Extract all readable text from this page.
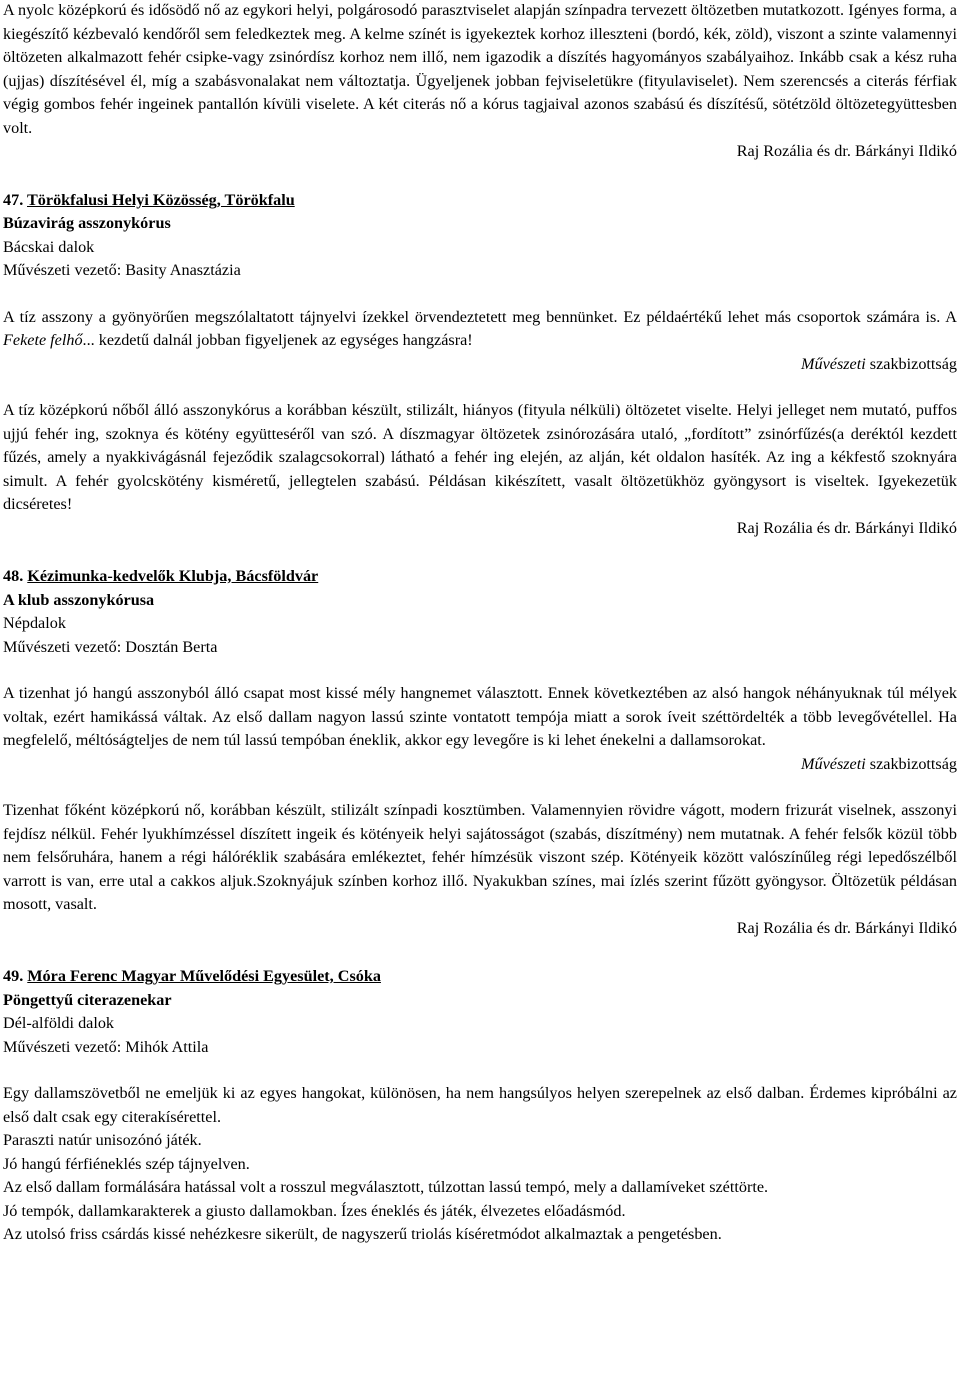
A nyolc középkorú és idősödő nő az egykori helyi, polgárosodó parasztviselet alapján színpadra tervezett öltözetben mutatkozott. Igényes forma, a kiegészítő kézbevaló kendőről sem feledkeztek meg. A kelme színét is igyekeztek korhoz illeszteni (bordó, kék, zöld), viszont a szinte valamennyi öltözeten alkalmazott fehér csipke-vagy zsinórdísz korhoz nem illő, nem igazodik a díszítés hagyományos szabályaihoz. Inkább csak a kész ruha (ujjas) díszítésével él, míg a szabásvonalakat nem változtatja. Ügyeljenek jobban fejviseletükre (fityulaviselet). Nem szerencsés a citerás férfiak végig gombos fehér ingeinek pantallón kívüli viselete. A két citerás nő a kórus tagjaival azonos szabású és díszítésű, sötétzöld öltözetegyüttesben volt.

Raj Rozália és dr. Bárkányi Ildikó

47. Törökfalusi Helyi Közösség, Törökfalu

Búzavirág asszonykórus

Bácskai dalok

Művészeti vezető: Basity Anasztázia

A tíz asszony a gyönyörűen megszólaltatott tájnyelvi ízekkel örvendeztetett meg bennünket. Ez példaértékű lehet más csoportok számára is. A Fekete felhő... kezdetű dalnál jobban figyeljenek az egységes hangzásra!

Művészeti szakbizottság

A tíz középkorú nőből álló asszonykórus a korábban készült, stilizált, hiányos (fityula nélküli) öltözetet viselte. Helyi jelleget nem mutató, puffos ujjú fehér ing, szoknya és kötény együtteséről van szó. A díszmagyar öltözetek zsinórozására utaló, „fordított” zsinórfűzés(a deréktól kezdett fűzés, amely a nyakkivágásnál fejeződik szalagcsokorral) látható a fehér ing elején, az alján, két oldalon hasíték. Az ing a kékfestő szoknyára simult. A fehér gyolcskötény kisméretű, jellegtelen szabású. Példásan kikészített, vasalt öltözetükhöz gyöngysort is viseltek. Igyekezetük dicséretes!

Raj Rozália és dr. Bárkányi Ildikó

48. Kézimunka-kedvelők Klubja, Bácsföldvár

A klub asszonykórusa

Népdalok

Művészeti vezető: Dosztán Berta

A tizenhat jó hangú asszonyból álló csapat most kissé mély hangnemet választott. Ennek következtében az alsó hangok néhányuknak túl mélyek voltak, ezért hamikássá váltak. Az első dallam nagyon lassú szinte vontatott tempója miatt a sorok íveit széttördelték a több levegővétellel. Ha megfelelő, méltóságteljes de nem túl lassú tempóban éneklik, akkor egy levegőre is ki lehet énekelni a dallamsorokat.

Művészeti szakbizottság

Tizenhat főként középkorú nő, korábban készült, stilizált színpadi kosztümben. Valamennyien rövidre vágott, modern frizurát viselnek, asszonyi fejdísz nélkül. Fehér lyukhímzéssel díszített ingeik és kötényeik helyi sajátosságot (szabás, díszítmény) nem mutatnak. A fehér felsők közül több nem felsőruhára, hanem a régi hálóréklik szabására emlékeztet, fehér hímzésük viszont szép. Kötényeik között valószínűleg régi lepedőszélből varrott is van, erre utal a cakkos aljuk.Szoknyájuk színben korhoz illő. Nyakukban színes, mai ízlés szerint fűzött gyöngysor. Öltözetük példásan mosott, vasalt.

Raj Rozália és dr. Bárkányi Ildikó

49. Móra Ferenc Magyar Művelődési Egyesület, Csóka

Pöngettyű citerazenekar

Dél-alföldi dalok

Művészeti vezető: Mihók Attila

Egy dallamszövetből ne emeljük ki az egyes hangokat, különösen, ha nem hangsúlyos helyen szerepelnek az első dalban. Érdemes kipróbálni az első dalt csak egy citerakísérettel.

Paraszti natúr unisozónó játék.

Jó hangú férfiéneklés szép tájnyelven.

Az első dallam formálására hatással volt a rosszul megválasztott, túlzottan lassú tempó, mely a dallamíveket széttörte.

Jó tempók, dallamkarakterek a giusto dallamokban. Ízes éneklés és játék, élvezetes előadásmód.

Az utolsó friss csárdás kissé nehézkesre sikerült, de nagyszerű triolás kíséretmódot alkalmaztak a pengetésben.
